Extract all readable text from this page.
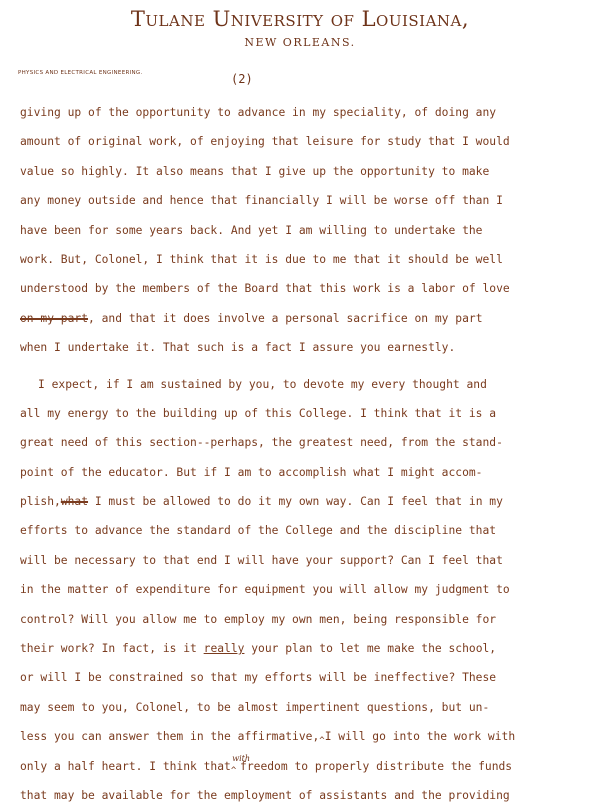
Tulane University of Louisiana,
NEW ORLEANS.
PHYSICS AND ELECTRICAL ENGINEERING.	(2)
giving up of the opportunity to advance in my speciality, of doing any
amount of original work, of enjoying that leisure for study that I would
value so highly. It also means that I give up the opportunity to make
any money outside and hence that financially I will be worse off than I
have been for some years back. And yet I am willing to undertake the
work. But, Colonel, I think that it is due to me that it should be well
understood by the members of the Board that this work is a labor of love
on my part, and that it does involve a personal sacrifice on my part
when I undertake it. That such is a fact I assure you earnestly.
I expect, if I am sustained by you, to devote my every thought and
all my energy to the building up of this College. I think that it is a
great need of this section--perhaps, the greatest need, from the stand-
point of the educator. But if I am to accomplish what I might accom-
plish,what I must be allowed to do it my own way. Can I feel that in my
efforts to advance the standard of the College and the discipline that
will be necessary to that end I will have your support? Can I feel that
in the matter of expenditure for equipment you will allow my judgment to
control? Will you allow me to employ my own men, being responsible for
their work? In fact, is it really your plan to let me make the school,
or will I be constrained so that my efforts will be ineffective? These
may seem to you, Colonel, to be almost impertinent questions, but un-
less you can answer them in the $affirmative,_{\^{}}I$ will go into the work with
only a half heart. I think that$_{\^{}}^{with}$freedom to properly distribute the funds
that may be available for the employment of assistants and the providing
